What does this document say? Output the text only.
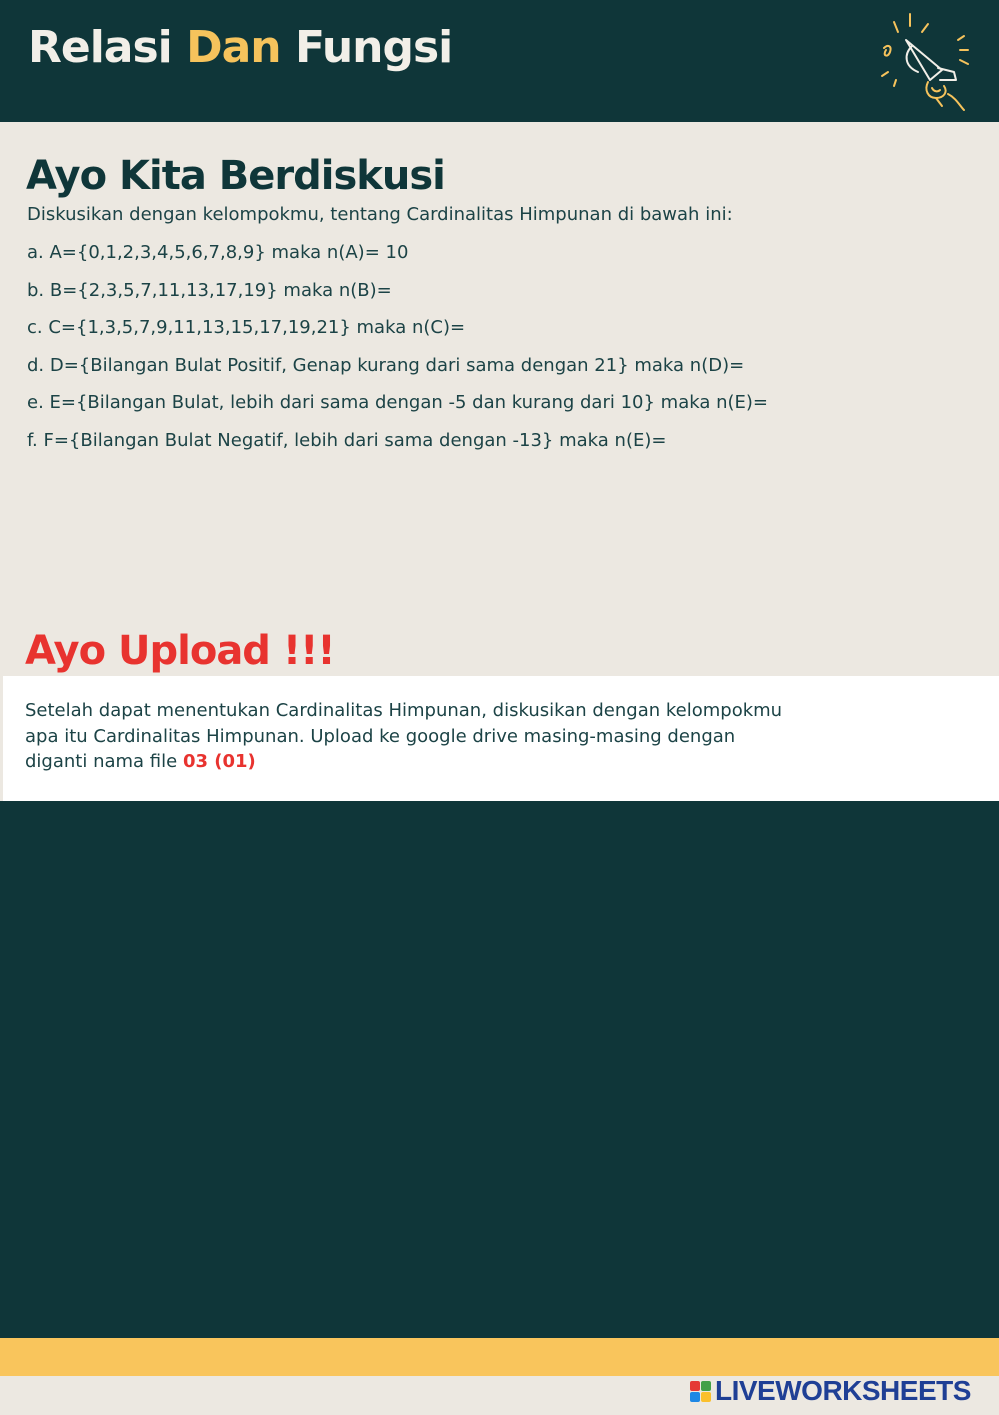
Relasi Dan Fungsi
Ayo Kita Berdiskusi
Diskusikan dengan kelompokmu, tentang Cardinalitas Himpunan di bawah ini:
a. A={0,1,2,3,4,5,6,7,8,9} maka n(A)= 10
b. B={2,3,5,7,11,13,17,19} maka n(B)=
c. C={1,3,5,7,9,11,13,15,17,19,21} maka n(C)=
d. D={Bilangan Bulat Positif, Genap kurang dari sama dengan 21} maka n(D)=
e. E={Bilangan Bulat, lebih dari sama dengan -5 dan kurang dari 10} maka n(E)=
f. F={Bilangan Bulat Negatif, lebih dari sama dengan -13} maka n(E)=
Ayo Upload !!!
Setelah dapat menentukan Cardinalitas Himpunan, diskusikan dengan kelompokmu
apa itu Cardinalitas Himpunan. Upload ke google drive masing-masing dengan
diganti nama file 03 (01)
LIVEWORKSHEETS
